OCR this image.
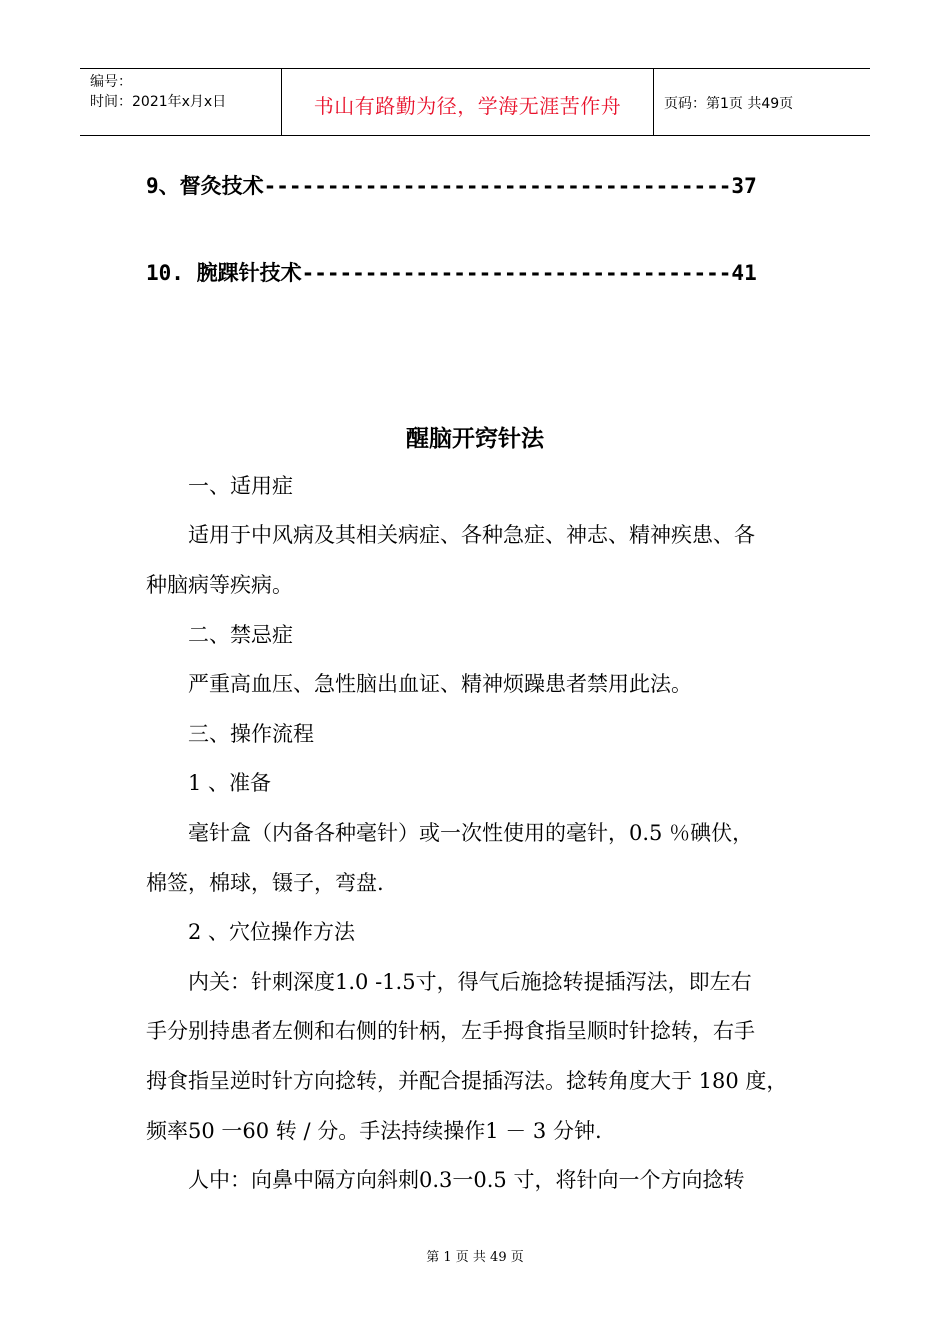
编号：
时间：2021年x月x日	书山有路勤为径，学海无涯苦作舟	页码：第1页 共49页
9、督灸技术-------------------------------------37
10. 腕踝针技术----------------------------------41
醒脑开窍针法
一、适用症
适用于中风病及其相关病症、各种急症、神志、精神疾患、各
种脑病等疾病。
二、禁忌症
严重高血压、急性脑出血证、精神烦躁患者禁用此法。
三、操作流程
1 、准备
毫针盒（内备各种毫针）或一次性使用的毫针，0.5 ％碘伏，
棉签，棉球，镊子，弯盘.
2 、穴位操作方法
内关：针刺深度1.0 -1.5寸，得气后施捻转提插泻法，即左右
手分别持患者左侧和右侧的针柄，左手拇食指呈顺时针捻转，右手
拇食指呈逆时针方向捻转，并配合提插泻法。捻转角度大于 180 度，
频率50 一60 转 / 分。手法持续操作1 － 3 分钟.
人中：向鼻中隔方向斜刺0.3一0.5 寸，将针向一个方向捻转
第 1 页 共 49 页
